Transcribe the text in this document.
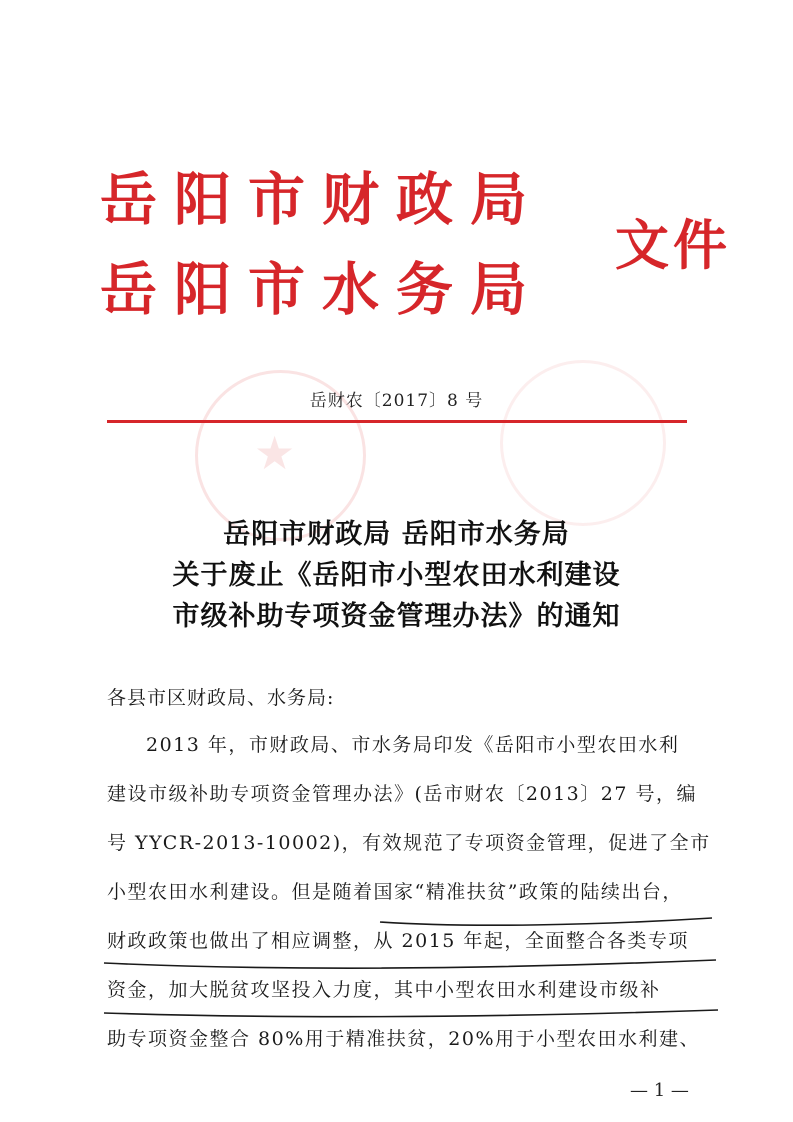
★
岳阳市财政局
岳阳市水务局
文件
岳财农〔2017〕8 号
岳阳市财政局 岳阳市水务局
关于废止《岳阳市小型农田水利建设
市级补助专项资金管理办法》的通知
各县市区财政局、水务局:
2013 年，市财政局、市水务局印发《岳阳市小型农田水利
建设市级补助专项资金管理办法》(岳市财农〔2013〕27 号，编
号 YYCR-2013-10002)，有效规范了专项资金管理，促进了全市
小型农田水利建设。但是随着国家“精准扶贫”政策的陆续出台，
财政政策也做出了相应调整，从 2015 年起，全面整合各类专项
资金，加大脱贫攻坚投入力度，其中小型农田水利建设市级补
助专项资金整合 80%用于精准扶贫，20%用于小型农田水利建、
— 1 —
